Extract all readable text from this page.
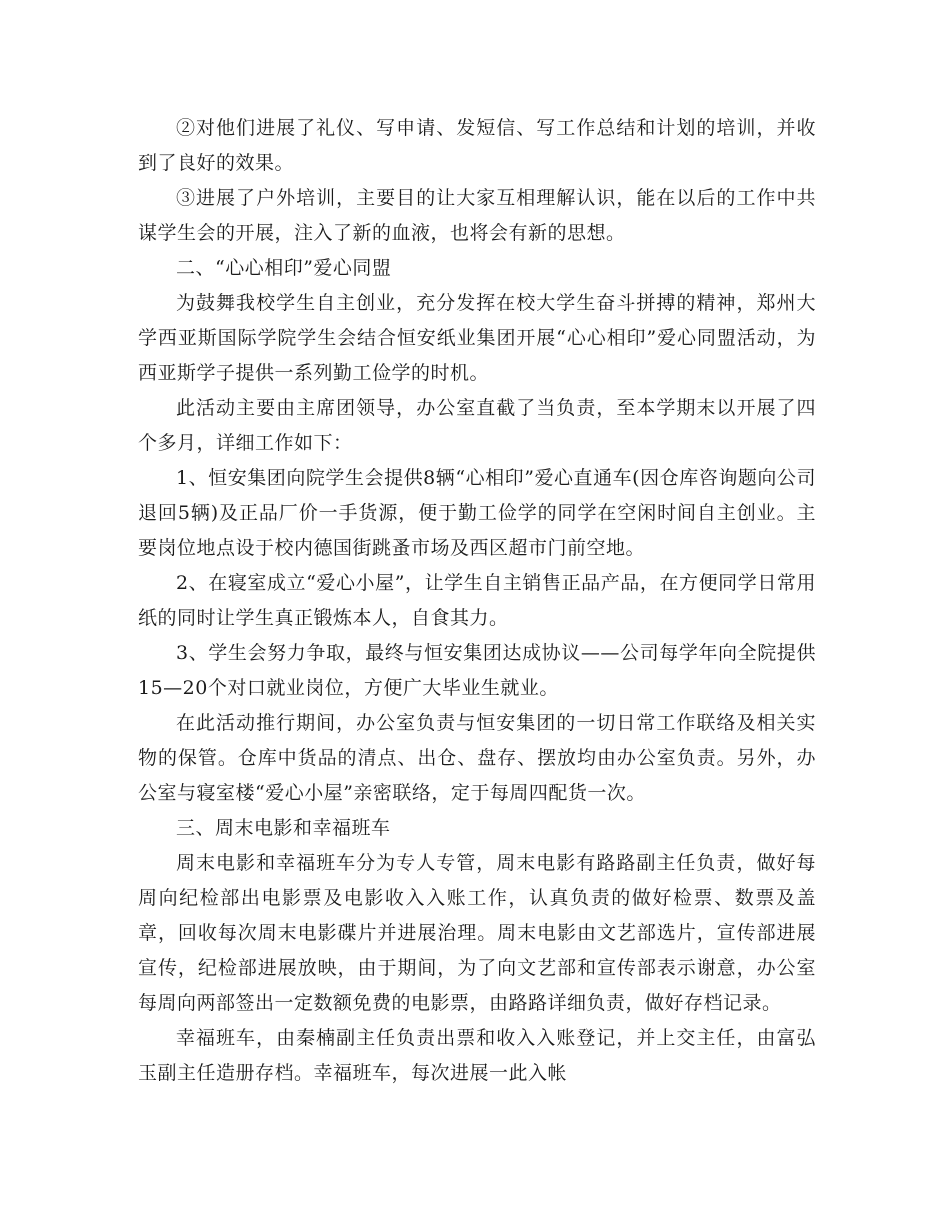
②对他们进展了礼仪、写申请、发短信、写工作总结和计划的培训，并收到了良好的效果。

③进展了户外培训，主要目的让大家互相理解认识，能在以后的工作中共谋学生会的开展，注入了新的血液，也将会有新的思想。

二、“心心相印”爱心同盟

为鼓舞我校学生自主创业，充分发挥在校大学生奋斗拼搏的精神，郑州大学西亚斯国际学院学生会结合恒安纸业集团开展“心心相印”爱心同盟活动，为西亚斯学子提供一系列勤工俭学的时机。

此活动主要由主席团领导，办公室直截了当负责，至本学期末以开展了四个多月，详细工作如下：

1、恒安集团向院学生会提供8辆“心相印”爱心直通车(因仓库咨询题向公司退回5辆)及正品厂价一手货源，便于勤工俭学的同学在空闲时间自主创业。主要岗位地点设于校内德国街跳蚤市场及西区超市门前空地。

2、在寝室成立“爱心小屋”，让学生自主销售正品产品，在方便同学日常用纸的同时让学生真正锻炼本人，自食其力。

3、学生会努力争取，最终与恒安集团达成协议——公司每学年向全院提供15—20个对口就业岗位，方便广大毕业生就业。

在此活动推行期间，办公室负责与恒安集团的一切日常工作联络及相关实物的保管。仓库中货品的清点、出仓、盘存、摆放均由办公室负责。另外，办公室与寝室楼“爱心小屋”亲密联络，定于每周四配货一次。

三、周末电影和幸福班车

周末电影和幸福班车分为专人专管，周末电影有路路副主任负责，做好每周向纪检部出电影票及电影收入入账工作，认真负责的做好检票、数票及盖章，回收每次周末电影碟片并进展治理。周末电影由文艺部选片，宣传部进展宣传，纪检部进展放映，由于期间，为了向文艺部和宣传部表示谢意，办公室每周向两部签出一定数额免费的电影票，由路路详细负责，做好存档记录。

幸福班车，由秦楠副主任负责出票和收入入账登记，并上交主任，由富弘玉副主任造册存档。幸福班车，每次进展一此入帐
